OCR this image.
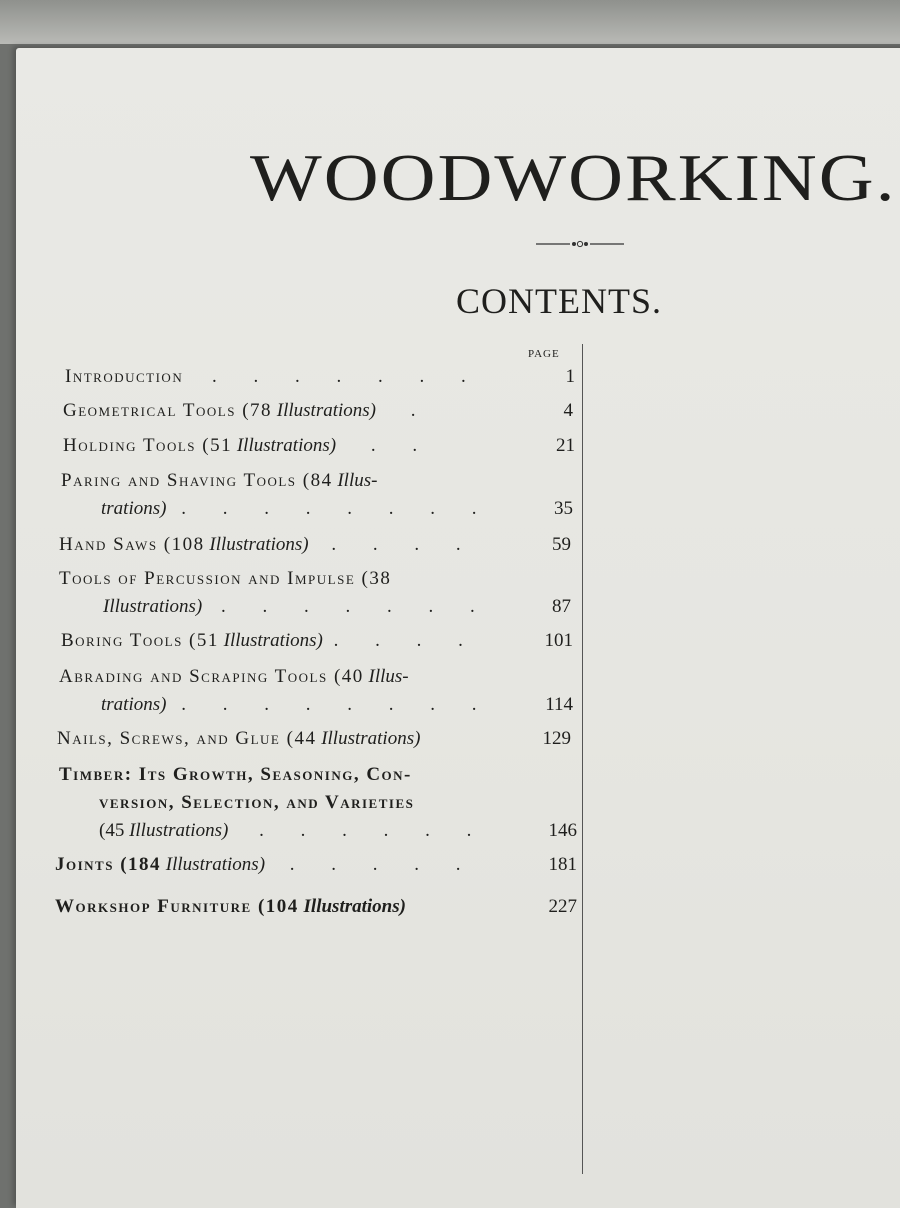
WOODWORKING.
CONTENTS.
PAGE
Introduction . . . . . . .	1
Geometrical Tools (78 Illustrations) .	4
Holding Tools (51 Illustrations) . .	21
Paring and Shaving Tools (84 Illus-
trations) . . . . . . . .	35
Hand Saws (108 Illustrations) . . . .	59
Tools of Percussion and Impulse (38
Illustrations) . . . . . . .	87
Boring Tools (51 Illustrations) . . . .	101
Abrading and Scraping Tools (40 Illus-
trations) . . . . . . . .	114
Nails, Screws, and Glue (44 Illustrations)	129
Timber: Its Growth, Seasoning, Con-
version, Selection, and Varieties
(45 Illustrations) . . . . . .	146
Joints (184 Illustrations) . . . . .	181
Workshop Furniture (104 Illustrations)	227
